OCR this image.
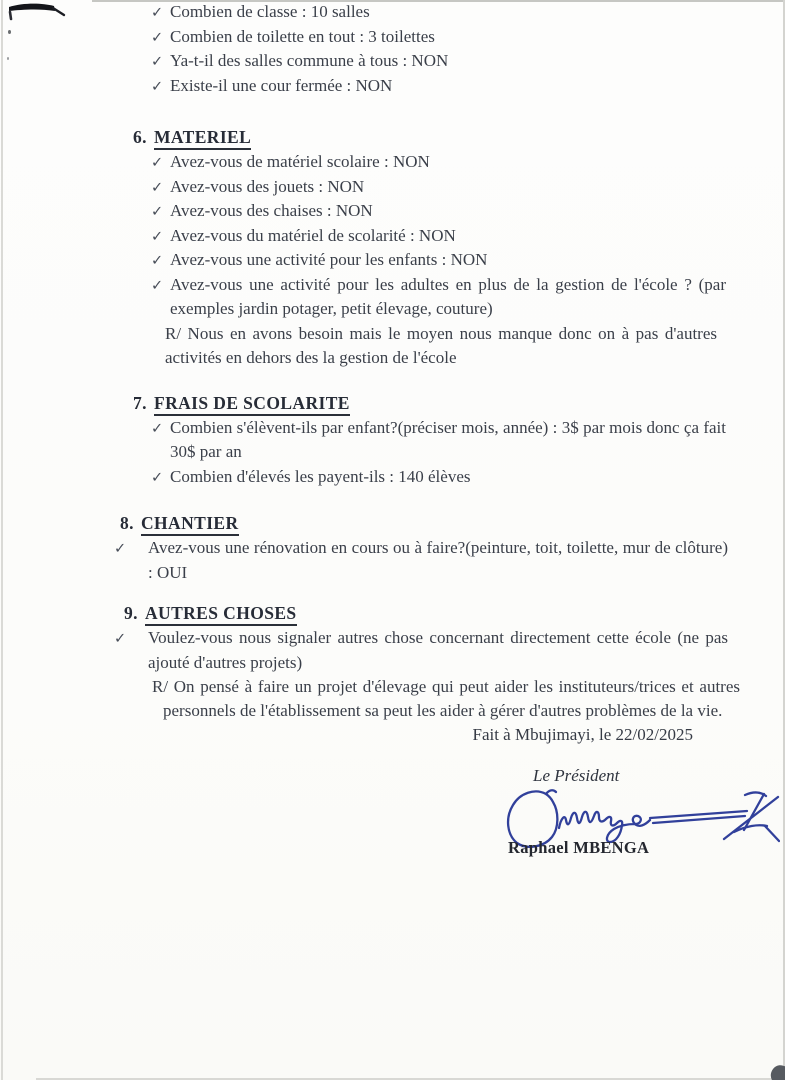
✓ Combien de classe : 10 salles
✓ Combien de toilette en tout : 3 toilettes
✓ Ya-t-il des salles commune à tous : NON
✓ Existe-il une cour fermée : NON
6. MATERIEL
✓ Avez-vous de matériel scolaire : NON
✓ Avez-vous des jouets : NON
✓ Avez-vous des chaises : NON
✓ Avez-vous du matériel de scolarité : NON
✓ Avez-vous une activité pour les enfants : NON
✓ Avez-vous une activité pour les adultes en plus de la gestion de l'école ? (par exemples jardin potager, petit élevage, couture)

R/ Nous en avons besoin mais le moyen nous manque donc on à pas d'autres activités en dehors des la gestion de l'école

7. FRAIS DE SCOLARITE
✓ Combien s'élèvent-ils par enfant?(préciser mois, année) : 3$ par mois donc ça fait 30$ par an
✓ Combien d'élevés les payent-ils : 140 élèves
8. CHANTIER
✓ Avez-vous une rénovation en cours ou à faire?(peinture, toit, toilette, mur de clôture) : OUI
9. AUTRES CHOSES
✓ Voulez-vous nous signaler autres chose concernant directement cette école (ne pas ajouté d'autres projets)

R/ On pensé à faire un projet d'élevage qui peut aider les instituteurs/trices et autres personnels de l'établissement sa peut les aider à gérer d'autres problèmes de la vie.

Fait à Mbujimayi, le 22/02/2025
Le Président
Raphael MBENGA
